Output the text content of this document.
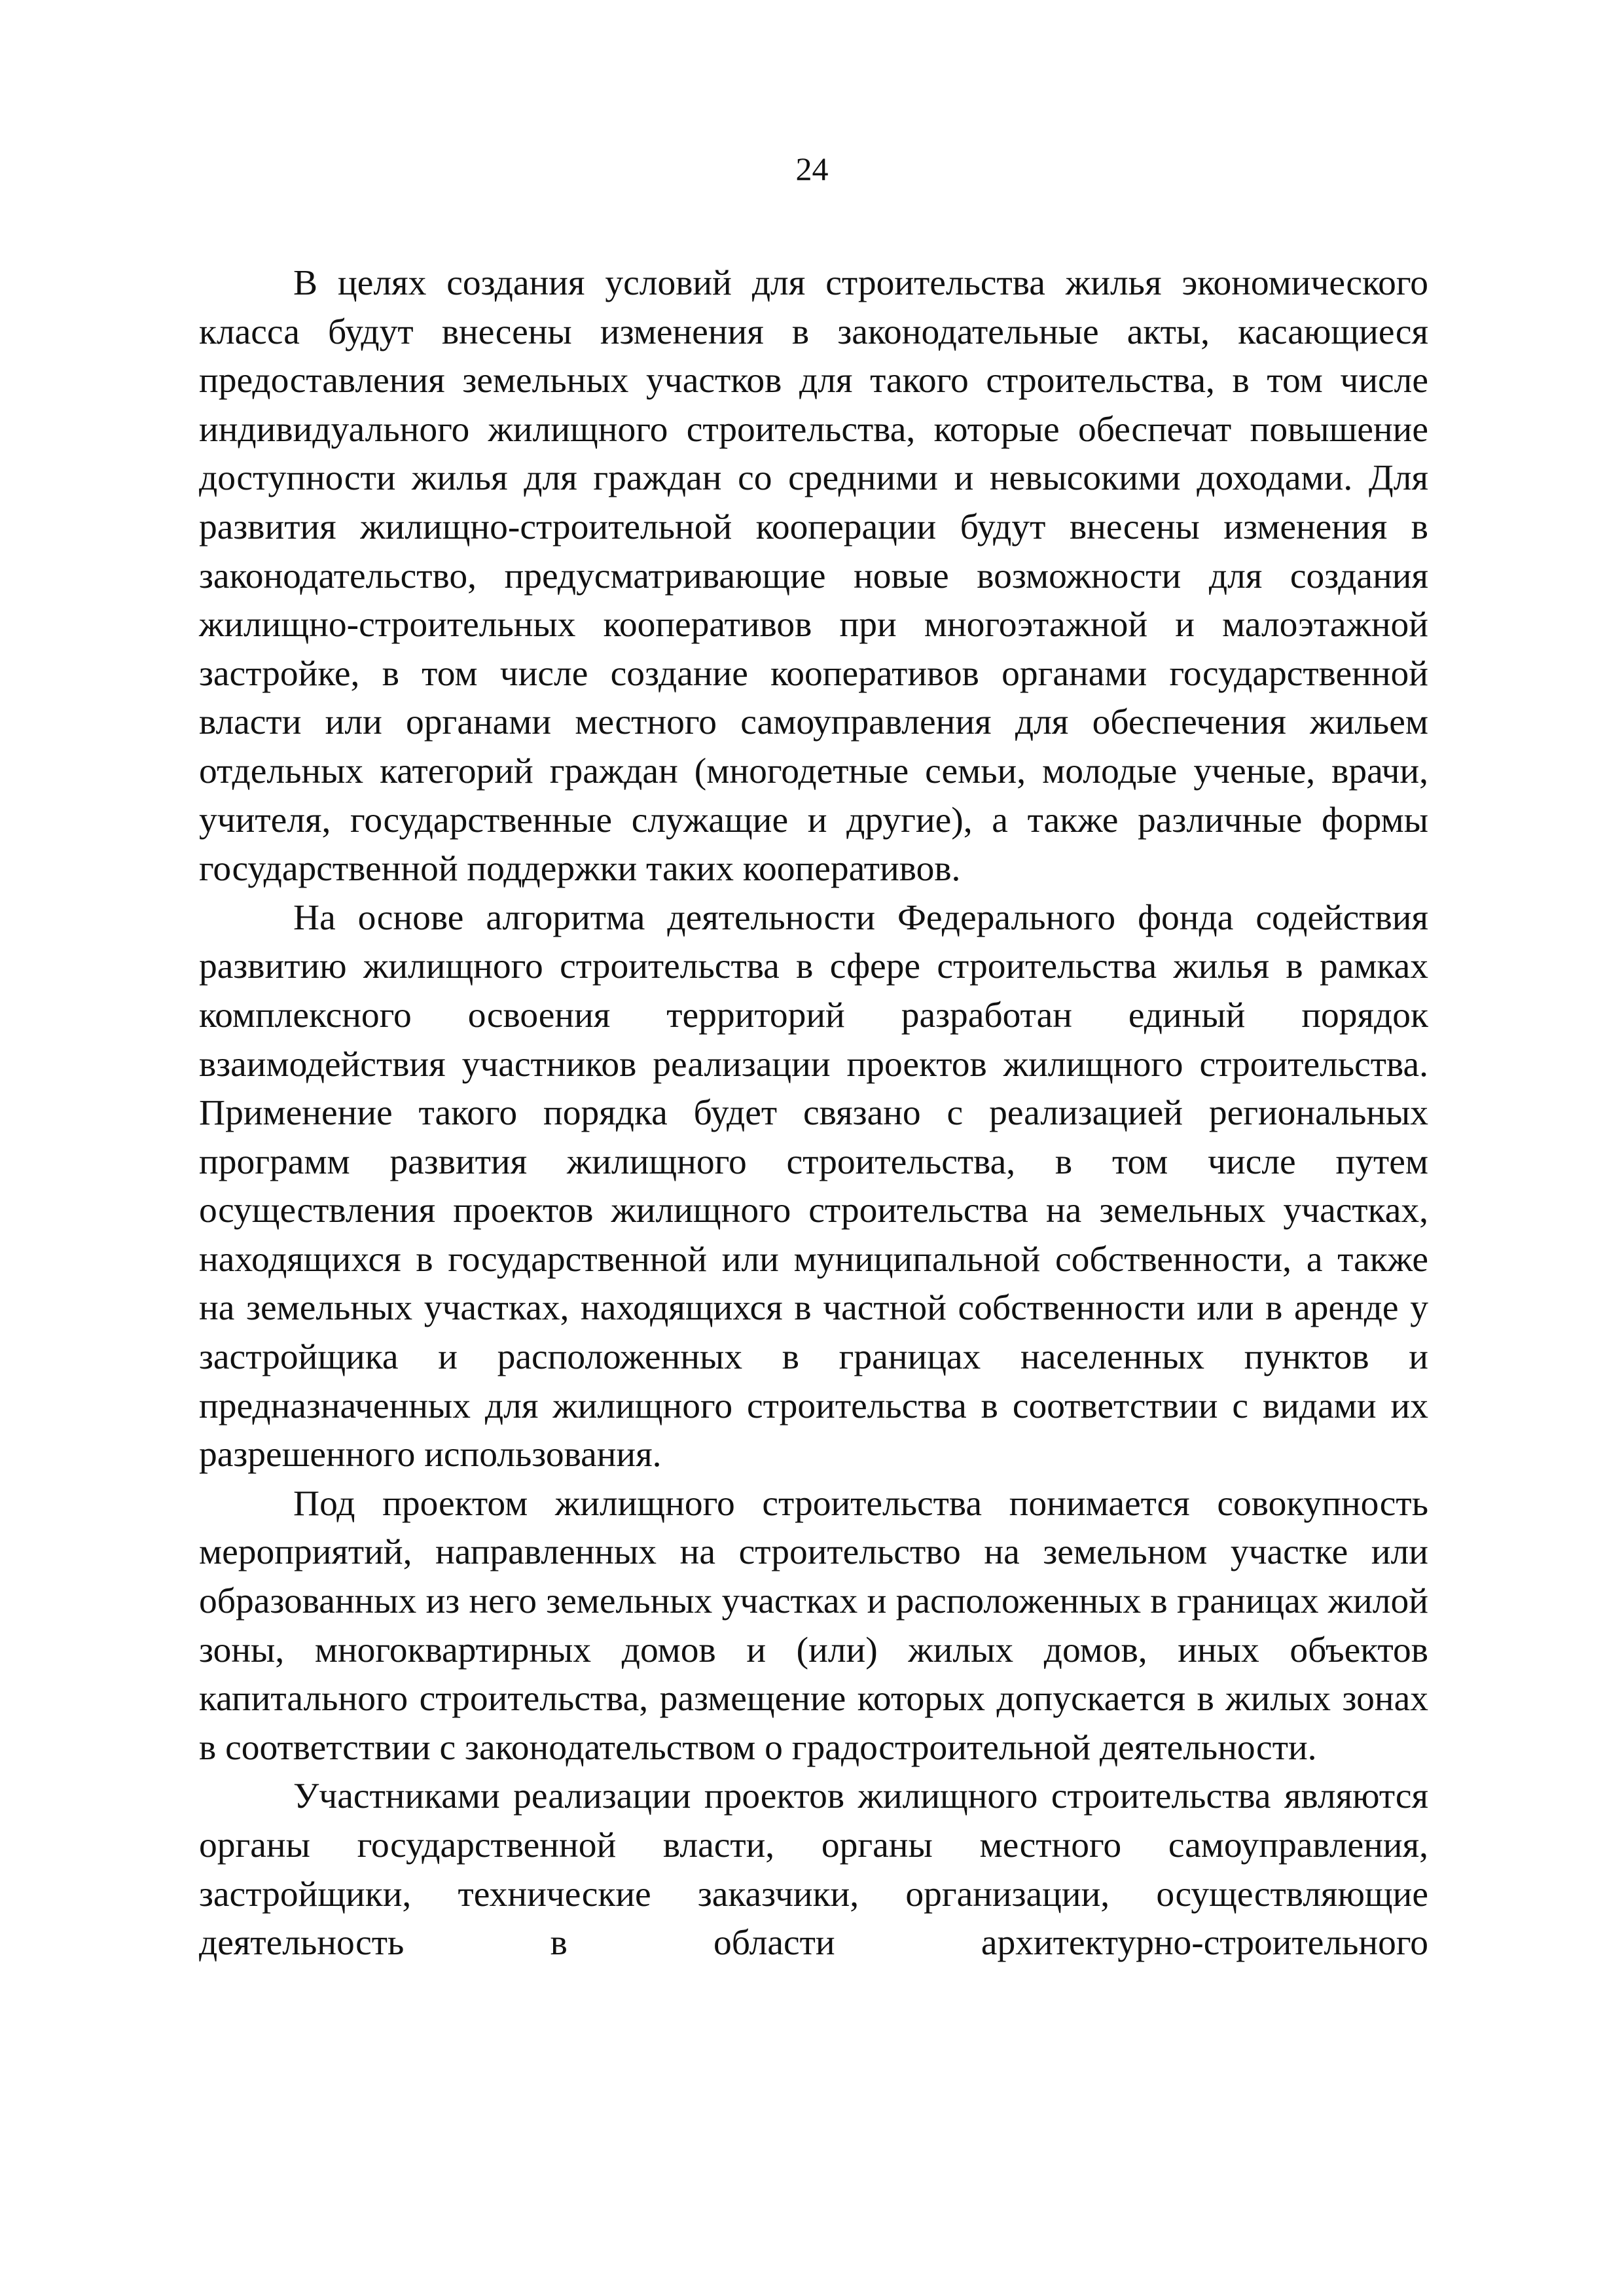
24

В целях создания условий для строительства жилья экономического класса будут внесены изменения в законодательные акты, касающиеся предоставления земельных участков для такого строительства, в том числе индивидуального жилищного строительства, которые обеспечат повышение доступности жилья для граждан со средними и невысокими доходами. Для развития жилищно-строительной кооперации будут внесены изменения в законодательство, предусматривающие новые возможности для создания жилищно-строительных кооперативов при многоэтажной и малоэтажной застройке, в том числе создание кооперативов органами государственной власти или органами местного самоуправления для обеспечения жильем отдельных категорий граждан (многодетные семьи, молодые ученые, врачи, учителя, государственные служащие и другие), а также различные формы государственной поддержки таких кооперативов.

На основе алгоритма деятельности Федерального фонда содействия развитию жилищного строительства в сфере строительства жилья в рамках комплексного освоения территорий разработан единый порядок взаимодействия участников реализации проектов жилищного строительства. Применение такого порядка будет связано с реализацией региональных программ развития жилищного строительства, в том числе путем осуществления проектов жилищного строительства на земельных участках, находящихся в государственной или муниципальной собственности, а также на земельных участках, находящихся в частной собственности или в аренде у застройщика и расположенных в границах населенных пунктов и предназначенных для жилищного строительства в соответствии с видами их разрешенного использования.

Под проектом жилищного строительства понимается совокупность мероприятий, направленных на строительство на земельном участке или образованных из него земельных участках и расположенных в границах жилой зоны, многоквартирных домов и (или) жилых домов, иных объектов капитального строительства, размещение которых допускается в жилых зонах в соответствии с законодательством о градостроительной деятельности.

Участниками реализации проектов жилищного строительства являются органы государственной власти, органы местного самоуправления, застройщики, технические заказчики, организации, осуществляющие деятельность в области архитектурно-строительного
